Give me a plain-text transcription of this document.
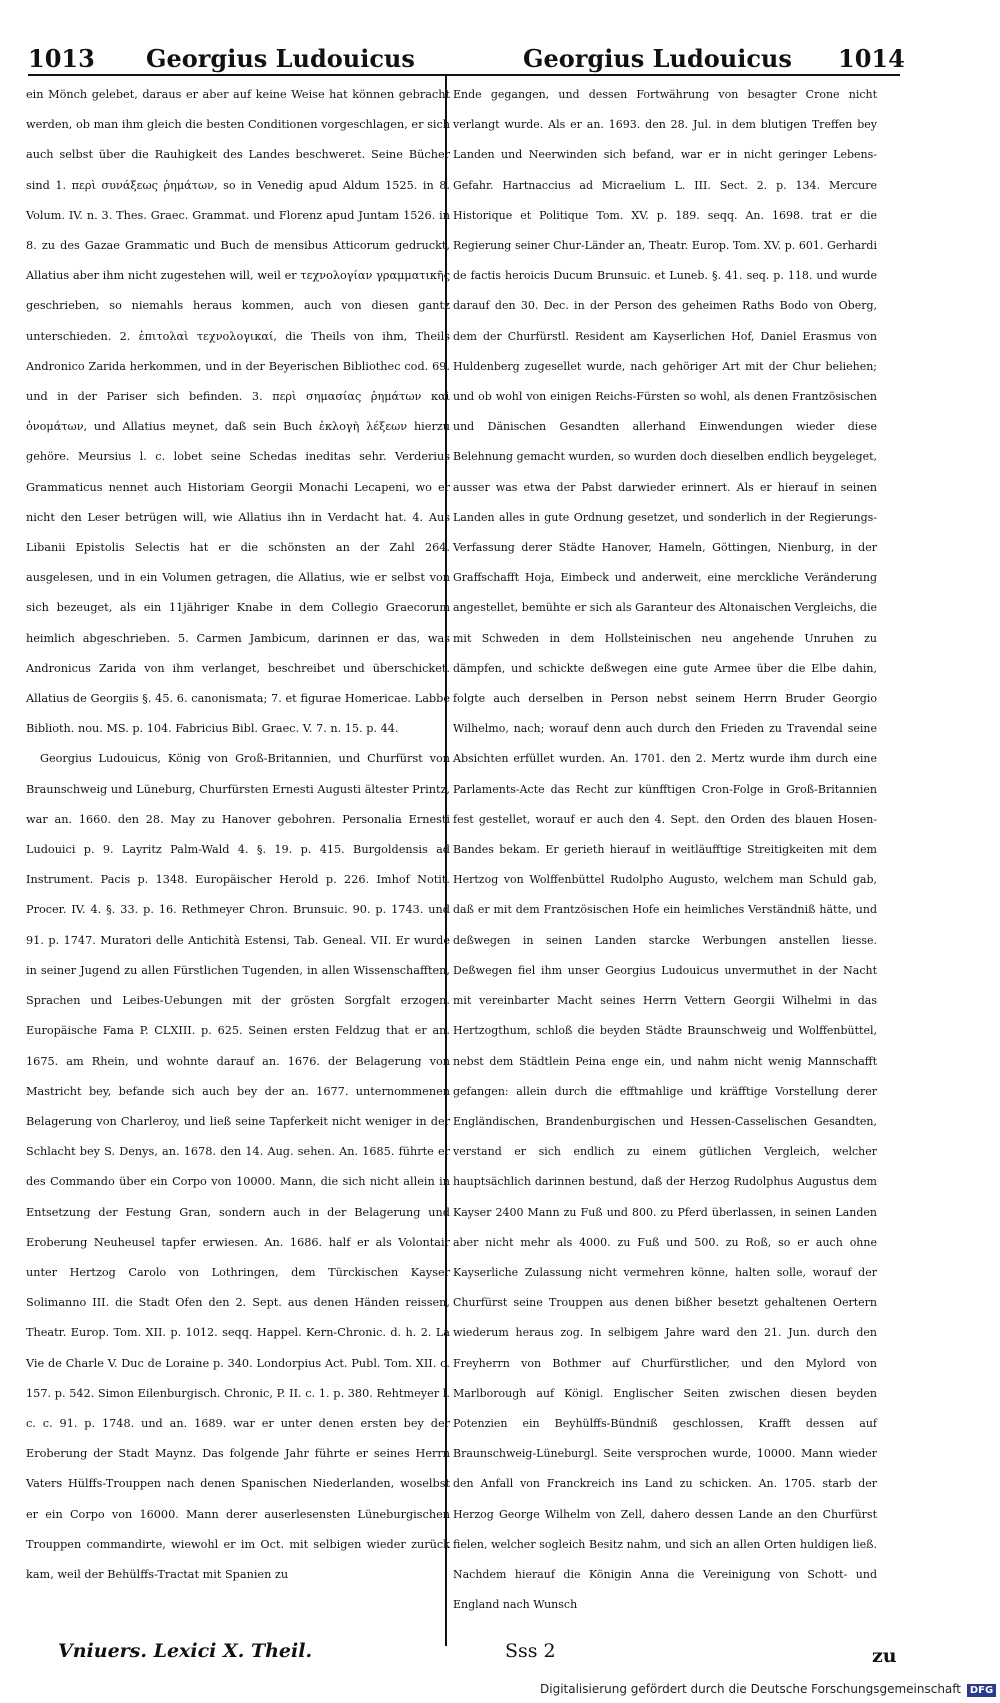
1013 Georgius Ludouicus	Georgius Ludouicus 1014

ein Mönch gelebet, daraus er aber auf keine Weise hat können gebracht werden, ob man ihm gleich die besten Conditionen vorgeschlagen, er sich auch selbst über die Rauhigkeit des Landes beschweret. Seine Bücher sind 1. περὶ συνάξεως ῥημάτων, so in Venedig apud Aldum 1525. in 8. Volum. IV. n. 3. Thes. Graec. Grammat. und Florenz apud Juntam 1526. in 8. zu des Gazae Grammatic und Buch de mensibus Atticorum gedruckt, Allatius aber ihm nicht zugestehen will, weil er τεχνολογίαν γραμματικῆς geschrieben, so niemahls heraus kommen, auch von diesen gantz unterschieden. 2. ἐπιτολαὶ τεχνολογικαί, die Theils von ihm, Theils Andronico Zarida herkommen, und in der Beyerischen Bibliothec cod. 69. und in der Pariser sich befinden. 3. περὶ σημασίας ῥημάτων καὶ ὀνομάτων, und Allatius meynet, daß sein Buch ἐκλογὴ λέξεων hierzu gehöre. Meursius l. c. lobet seine Schedas ineditas sehr. Verderius Grammaticus nennet auch Historiam Georgii Monachi Lecapeni, wo er nicht den Leser betrügen will, wie Allatius ihn in Verdacht hat. 4. Aus Libanii Epistolis Selectis hat er die schönsten an der Zahl 264. ausgelesen, und in ein Volumen getragen, die Allatius, wie er selbst von sich bezeuget, als ein 11jähriger Knabe in dem Collegio Graecorum heimlich abgeschrieben. 5. Carmen Jambicum, darinnen er das, was Andronicus Zarida von ihm verlanget, beschreibet und überschicket. Allatius de Georgiis §. 45. 6. canonismata; 7. et figurae Homericae. Labbe Biblioth. nou. MS. p. 104. Fabricius Bibl. Graec. V. 7. n. 15. p. 44.

Georgius Ludouicus, König von Groß-Britannien, und Churfürst von Braunschweig und Lüneburg, Churfürsten Ernesti Augusti ältester Printz, war an. 1660. den 28. May zu Hanover gebohren. Personalia Ernesti Ludouici p. 9. Layritz Palm-Wald 4. §. 19. p. 415. Burgoldensis ad Instrument. Pacis p. 1348. Europäischer Herold p. 226. Imhof Notit. Procer. IV. 4. §. 33. p. 16. Rethmeyer Chron. Brunsuic. 90. p. 1743. und 91. p. 1747. Muratori delle Antichità Estensi, Tab. Geneal. VII. Er wurde in seiner Jugend zu allen Fürstlichen Tugenden, in allen Wissenschafften, Sprachen und Leibes-Uebungen mit der grösten Sorgfalt erzogen. Europäische Fama P. CLXIII. p. 625. Seinen ersten Feldzug that er an. 1675. am Rhein, und wohnte darauf an. 1676. der Belagerung von Mastricht bey, befande sich auch bey der an. 1677. unternommenen Belagerung von Charleroy, und ließ seine Tapferkeit nicht weniger in der Schlacht bey S. Denys, an. 1678. den 14. Aug. sehen. An. 1685. führte er des Commando über ein Corpo von 10000. Mann, die sich nicht allein in Entsetzung der Festung Gran, sondern auch in der Belagerung und Eroberung Neuheusel tapfer erwiesen. An. 1686. half er als Volontair unter Hertzog Carolo von Lothringen, dem Türckischen Kayser Solimanno III. die Stadt Ofen den 2. Sept. aus denen Händen reissen, Theatr. Europ. Tom. XII. p. 1012. seqq. Happel. Kern-Chronic. d. h. 2. La Vie de Charle V. Duc de Loraine p. 340. Londorpius Act. Publ. Tom. XII. c. 157. p. 542. Simon Eilenburgisch. Chronic, P. II. c. 1. p. 380. Rehtmeyer l. c. c. 91. p. 1748. und an. 1689. war er unter denen ersten bey der Eroberung der Stadt Maynz. Das folgende Jahr führte er seines Herrn Vaters Hülffs-Trouppen nach denen Spanischen Niederlanden, woselbst er ein Corpo von 16000. Mann derer auserlesensten Lüneburgischen Trouppen commandirte, wiewohl er im Oct. mit selbigen wieder zurück kam, weil der Behülffs-Tractat mit Spanien zu

Ende gegangen, und dessen Fortwährung von besagter Crone nicht verlangt wurde. Als er an. 1693. den 28. Jul. in dem blutigen Treffen bey Landen und Neerwinden sich befand, war er in nicht geringer Lebens-Gefahr. Hartnaccius ad Micraelium L. III. Sect. 2. p. 134. Mercure Historique et Politique Tom. XV. p. 189. seqq. An. 1698. trat er die Regierung seiner Chur-Länder an, Theatr. Europ. Tom. XV. p. 601. Gerhardi de factis heroicis Ducum Brunsuic. et Luneb. §. 41. seq. p. 118. und wurde darauf den 30. Dec. in der Person des geheimen Raths Bodo von Oberg, dem der Churfürstl. Resident am Kayserlichen Hof, Daniel Erasmus von Huldenberg zugesellet wurde, nach gehöriger Art mit der Chur beliehen; und ob wohl von einigen Reichs-Fürsten so wohl, als denen Frantzösischen und Dänischen Gesandten allerhand Einwendungen wieder diese Belehnung gemacht wurden, so wurden doch dieselben endlich beygeleget, ausser was etwa der Pabst darwieder erinnert. Als er hierauf in seinen Landen alles in gute Ordnung gesetzet, und sonderlich in der Regierungs-Verfassung derer Städte Hanover, Hameln, Göttingen, Nienburg, in der Graffschafft Hoja, Eimbeck und anderweit, eine merckliche Veränderung angestellet, bemühte er sich als Garanteur des Altonaischen Vergleichs, die mit Schweden in dem Hollsteinischen neu angehende Unruhen zu dämpfen, und schickte deßwegen eine gute Armee über die Elbe dahin, folgte auch derselben in Person nebst seinem Herrn Bruder Georgio Wilhelmo, nach; worauf denn auch durch den Frieden zu Travendal seine Absichten erfüllet wurden. An. 1701. den 2. Mertz wurde ihm durch eine Parlaments-Acte das Recht zur künfftigen Cron-Folge in Groß-Britannien fest gestellet, worauf er auch den 4. Sept. den Orden des blauen Hosen-Bandes bekam. Er gerieth hierauf in weitläufftige Streitigkeiten mit dem Hertzog von Wolffenbüttel Rudolpho Augusto, welchem man Schuld gab, daß er mit dem Frantzösischen Hofe ein heimliches Verständniß hätte, und deßwegen in seinen Landen starcke Werbungen anstellen liesse. Deßwegen fiel ihm unser Georgius Ludouicus unvermuthet in der Nacht mit vereinbarter Macht seines Herrn Vettern Georgii Wilhelmi in das Hertzogthum, schloß die beyden Städte Braunschweig und Wolffenbüttel, nebst dem Städtlein Peina enge ein, und nahm nicht wenig Mannschafft gefangen: allein durch die efftmahlige und kräfftige Vorstellung derer Engländischen, Brandenburgischen und Hessen-Casselischen Gesandten, verstand er sich endlich zu einem gütlichen Vergleich, welcher hauptsächlich darinnen bestund, daß der Herzog Rudolphus Augustus dem Kayser 2400 Mann zu Fuß und 800. zu Pferd überlassen, in seinen Landen aber nicht mehr als 4000. zu Fuß und 500. zu Roß, so er auch ohne Kayserliche Zulassung nicht vermehren könne, halten solle, worauf der Churfürst seine Trouppen aus denen bißher besetzt gehaltenen Oertern wiederum heraus zog. In selbigem Jahre ward den 21. Jun. durch den Freyherrn von Bothmer auf Churfürstlicher, und den Mylord von Marlborough auf Königl. Englischer Seiten zwischen diesen beyden Potenzien ein Beyhülffs-Bündniß geschlossen, Krafft dessen auf Braunschweig-Lüneburgl. Seite versprochen wurde, 10000. Mann wieder den Anfall von Franckreich ins Land zu schicken. An. 1705. starb der Herzog George Wilhelm von Zell, dahero dessen Lande an den Churfürst fielen, welcher sogleich Besitz nahm, und sich an allen Orten huldigen ließ. Nachdem hierauf die Königin Anna die Vereinigung von Schott- und England nach Wunsch

Vniuers. Lexici X. Theil.	Sss 2	zu
Digitalisierung gefördert durch die Deutsche Forschungsgemeinschaft DFG
